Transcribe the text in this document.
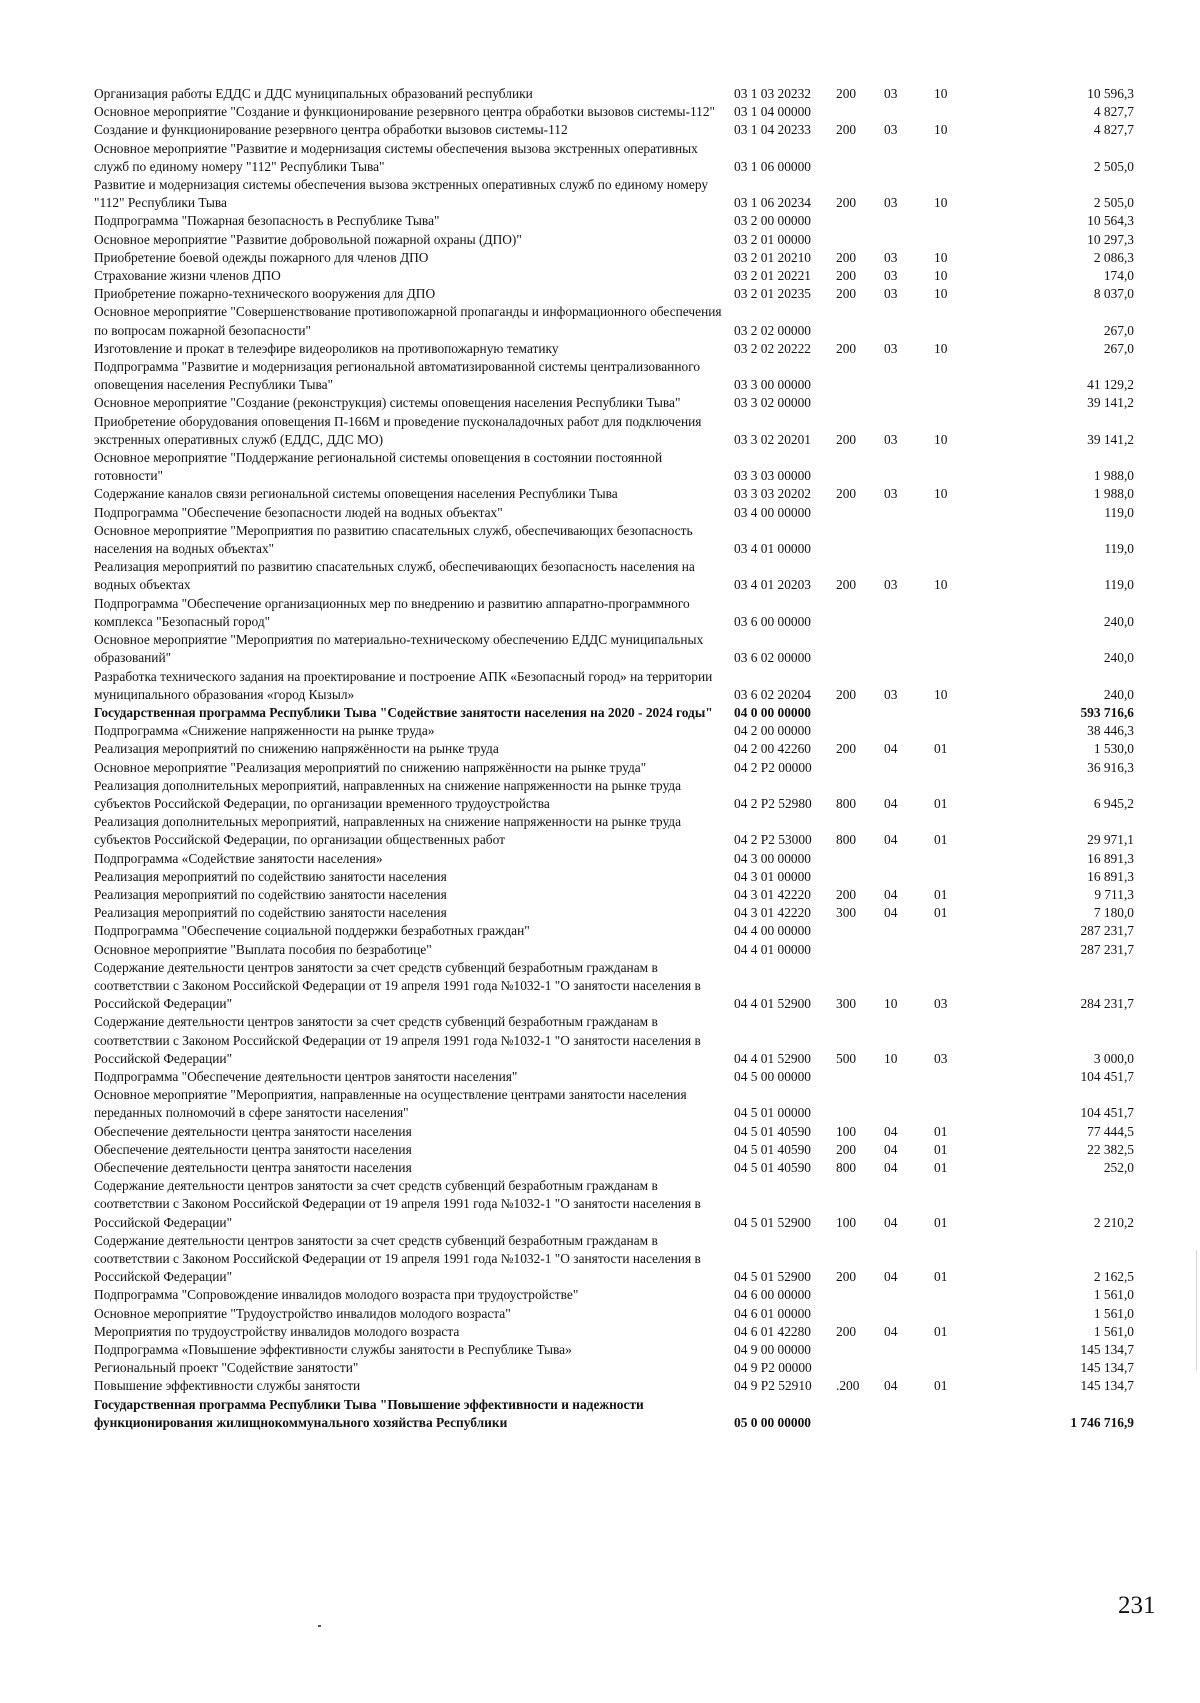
Организация работы ЕДДС и ДДС муниципальных образований республики	03 1 03 20232	200	03	10	10 596,3
Основное мероприятие "Создание и функционирование резервного центра обработки вызовов системы-112"	03 1 04 00000				4 827,7
Создание и функционирование резервного центра обработки вызовов системы-112	03 1 04 20233	200	03	10	4 827,7
Основное мероприятие "Развитие и модернизация системы обеспечения вызова экстренных оперативных служб по единому номеру "112" Республики Тыва"	03 1 06 00000				2 505,0
Развитие и модернизация системы обеспечения вызова экстренных оперативных служб по единому номеру "112" Республики Тыва	03 1 06 20234	200	03	10	2 505,0
Подпрограмма "Пожарная безопасность в Республике Тыва"	03 2 00 00000				10 564,3
Основное мероприятие "Развитие добровольной пожарной охраны (ДПО)"	03 2 01 00000				10 297,3
Приобретение боевой одежды пожарного для членов ДПО	03 2 01 20210	200	03	10	2 086,3
Страхование жизни членов ДПО	03 2 01 20221	200	03	10	174,0
Приобретение пожарно-технического вооружения для ДПО	03 2 01 20235	200	03	10	8 037,0
Основное мероприятие "Совершенствование противопожарной пропаганды и информационного обеспечения по вопросам пожарной безопасности"	03 2 02 00000				267,0
Изготовление и прокат в телеэфире видеороликов на противопожарную тематику	03 2 02 20222	200	03	10	267,0
Подпрограмма "Развитие и модернизация региональной автоматизированной системы централизованного оповещения населения Республики Тыва"	03 3 00 00000				41 129,2
Основное мероприятие "Создание (реконструкция) системы оповещения населения Республики Тыва"	03 3 02 00000				39 141,2
Приобретение оборудования оповещения П-166М и проведение пусконаладочных работ для подключения экстренных оперативных служб (ЕДДС, ДДС МО)	03 3 02 20201	200	03	10	39 141,2
Основное мероприятие "Поддержание региональной системы оповещения в состоянии постоянной готовности"	03 3 03 00000				1 988,0
Содержание каналов связи региональной системы оповещения населения Республики Тыва	03 3 03 20202	200	03	10	1 988,0
Подпрограмма "Обеспечение безопасности людей на водных объектах"	03 4 00 00000				119,0
Основное мероприятие "Мероприятия по развитию спасательных служб, обеспечивающих безопасность населения на водных объектах"	03 4 01 00000				119,0
Реализация мероприятий по развитию спасательных служб, обеспечивающих безопасность населения на водных объектах	03 4 01 20203	200	03	10	119,0
Подпрограмма "Обеспечение организационных мер по внедрению и развитию аппаратно-программного комплекса "Безопасный город"	03 6 00 00000				240,0
Основное мероприятие "Мероприятия по материально-техническому обеспечению ЕДДС муниципальных образований"	03 6 02 00000				240,0
Разработка технического задания на проектирование и построение АПК «Безопасный город» на территории муниципального образования «город Кызыл»	03 6 02 20204	200	03	10	240,0
Государственная программа Республики Тыва "Содействие занятости населения на 2020 - 2024 годы"	04 0 00 00000				593 716,6
Подпрограмма «Снижение напряженности на рынке труда»	04 2 00 00000				38 446,3
Реализация мероприятий по снижению напряжённости на рынке труда	04 2 00 42260	200	04	01	1 530,0
Основное мероприятие "Реализация мероприятий по снижению напряжённости на рынке труда"	04 2 P2 00000				36 916,3
Реализация дополнительных мероприятий, направленных на снижение напряженности на рынке труда субъектов Российской Федерации, по организации временного трудоустройства	04 2 P2 52980	800	04	01	6 945,2
Реализация дополнительных мероприятий, направленных на снижение напряженности на рынке труда субъектов Российской Федерации, по организации общественных работ	04 2 P2 53000	800	04	01	29 971,1
Подпрограмма «Содействие занятости населения»	04 3 00 00000				16 891,3
Реализация мероприятий по содействию занятости населения	04 3 01 00000				16 891,3
Реализация мероприятий по содействию занятости населения	04 3 01 42220	200	04	01	9 711,3
Реализация мероприятий по содействию занятости населения	04 3 01 42220	300	04	01	7 180,0
Подпрограмма "Обеспечение социальной поддержки безработных граждан"	04 4 00 00000				287 231,7
Основное мероприятие "Выплата пособия по безработице"	04 4 01 00000				287 231,7
Содержание деятельности центров занятости за счет средств субвенций безработным гражданам в соответствии с Законом Российской Федерации от 19 апреля 1991 года №1032-1 "О занятости населения в Российской Федерации"	04 4 01 52900	300	10	03	284 231,7
Содержание деятельности центров занятости за счет средств субвенций безработным гражданам в соответствии с Законом Российской Федерации от 19 апреля 1991 года №1032-1 "О занятости населения в Российской Федерации"	04 4 01 52900	500	10	03	3 000,0
Подпрограмма "Обеспечение деятельности центров занятости населения"	04 5 00 00000				104 451,7
Основное мероприятие "Мероприятия, направленные на осуществление центрами занятости населения переданных полномочий в сфере занятости населения"	04 5 01 00000				104 451,7
Обеспечение деятельности центра занятости населения	04 5 01 40590	100	04	01	77 444,5
Обеспечение деятельности центра занятости населения	04 5 01 40590	200	04	01	22 382,5
Обеспечение деятельности центра занятости населения	04 5 01 40590	800	04	01	252,0
Содержание деятельности центров занятости за счет средств субвенций безработным гражданам в соответствии с Законом Российской Федерации от 19 апреля 1991 года №1032-1 "О занятости населения в Российской Федерации"	04 5 01 52900	100	04	01	2 210,2
Содержание деятельности центров занятости за счет средств субвенций безработным гражданам в соответствии с Законом Российской Федерации от 19 апреля 1991 года №1032-1 "О занятости населения в Российской Федерации"	04 5 01 52900	200	04	01	2 162,5
Подпрограмма "Сопровождение инвалидов молодого возраста при трудоустройстве"	04 6 00 00000				1 561,0
Основное мероприятие "Трудоустройство инвалидов молодого возраста"	04 6 01 00000				1 561,0
Мероприятия по трудоустройству инвалидов молодого возраста	04 6 01 42280	200	04	01	1 561,0
Подпрограмма «Повышение эффективности службы занятости в Республике Тыва»	04 9 00 00000				145 134,7
Региональный проект "Содействие занятости"	04 9 P2 00000				145 134,7
Повышение эффективности службы занятости	04 9 P2 52910	.200	04	01	145 134,7
Государственная программа Республики Тыва "Повышение эффективности и надежности функционирования жилищнокоммунального хозяйства Республики	05 0 00 00000				1 746 716,9
231
